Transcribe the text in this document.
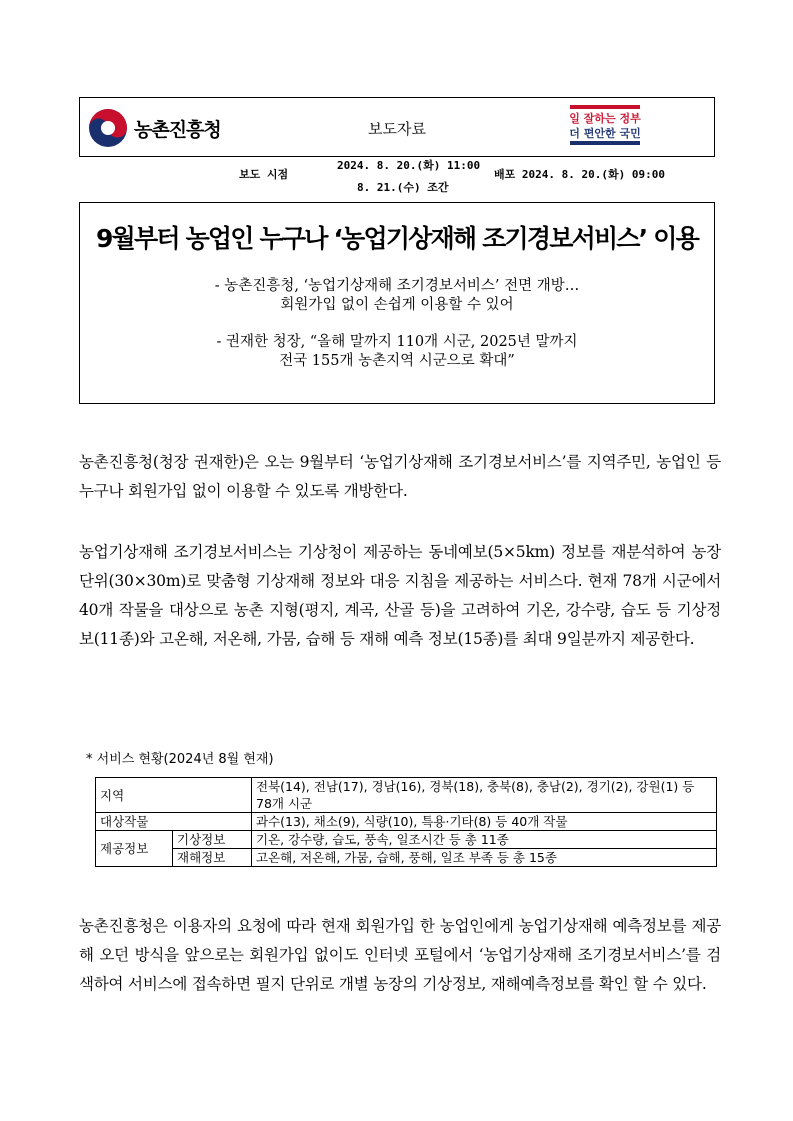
농촌진흥청	보도자료
일 잘하는 정부
더 편안한 국민
보도 시점
2024. 8. 20.(화) 11:00
8. 21.(수) 조간
배포 2024. 8. 20.(화) 09:00
9월부터 농업인 누구나 ‘농업기상재해 조기경보서비스’ 이용
- 농촌진흥청, ‘농업기상재해 조기경보서비스’ 전면 개방…
회원가입 없이 손쉽게 이용할 수 있어
- 권재한 청장, “올해 말까지 110개 시군, 2025년 말까지
전국 155개 농촌지역 시군으로 확대”
농촌진흥청(청장 권재한)은 오는 9월부터 ‘농업기상재해 조기경보서비스’를 지역주민, 농업인 등 누구나 회원가입 없이 이용할 수 있도록 개방한다.
농업기상재해 조기경보서비스는 기상청이 제공하는 동네예보(5×5km) 정보를 재분석하여 농장 단위(30×30m)로 맞춤형 기상재해 정보와 대응 지침을 제공하는 서비스다. 현재 78개 시군에서 40개 작물을 대상으로 농촌 지형(평지, 계곡, 산골 등)을 고려하여 기온, 강수량, 습도 등 기상정보(11종)와 고온해, 저온해, 가뭄, 습해 등 재해 예측 정보(15종)를 최대 9일분까지 제공한다.
* 서비스 현황(2024년 8월 현재)
지역		전북(14), 전남(17), 경남(16), 경북(18), 충북(8), 충남(2), 경기(2), 강원(1) 등 78개 시군
대상작물		과수(13), 채소(9), 식량(10), 특용·기타(8) 등 40개 작물
제공정보	기상정보	기온, 강수량, 습도, 풍속, 일조시간 등 총 11종
	재해정보	고온해, 저온해, 가뭄, 습해, 풍해, 일조 부족 등 총 15종
농촌진흥청은 이용자의 요청에 따라 현재 회원가입 한 농업인에게 농업기상재해 예측정보를 제공해 오던 방식을 앞으로는 회원가입 없이도 인터넷 포털에서 ‘농업기상재해 조기경보서비스’를 검색하여 서비스에 접속하면 필지 단위로 개별 농장의 기상정보, 재해예측정보를 확인 할 수 있다.
